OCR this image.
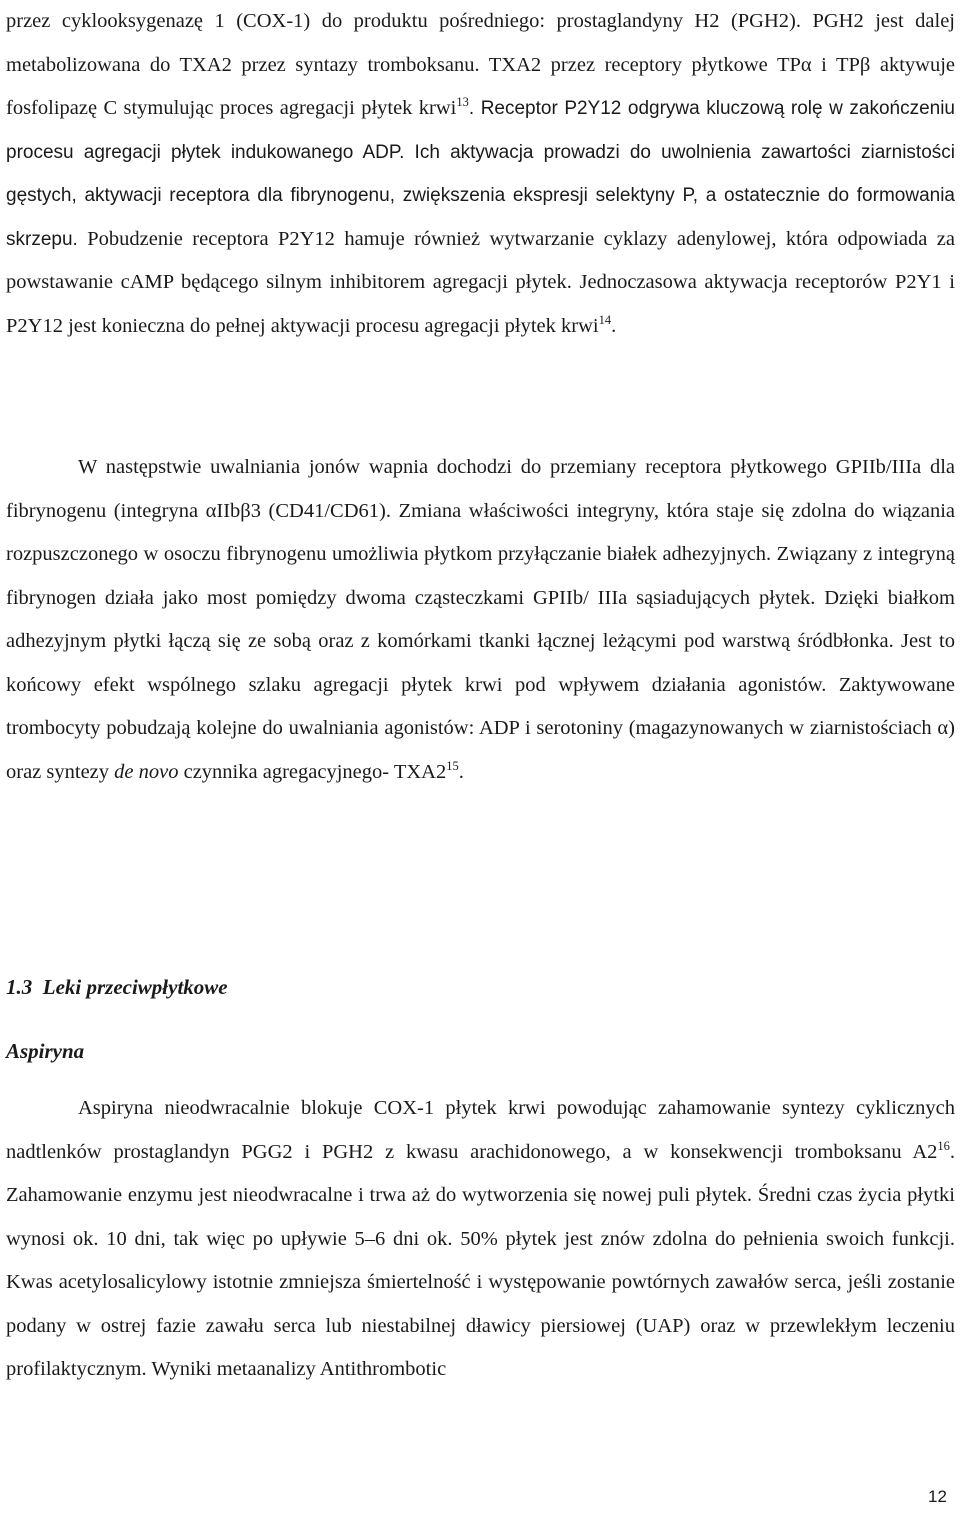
przez cyklooksygenazę 1 (COX-1) do produktu pośredniego: prostaglandyny H2 (PGH2). PGH2 jest dalej metabolizowana do TXA2 przez syntazy tromboksanu. TXA2 przez receptory płytkowe TPα i TPβ aktywuje fosfolipazę C stymulując proces agregacji płytek krwi$^{13}$. Receptor P2Y12 odgrywa kluczową rolę w zakończeniu procesu agregacji płytek indukowanego ADP. Ich aktywacja prowadzi do uwolnienia zawartości ziarnistości gęstych, aktywacji receptora dla fibrynogenu, zwiększenia ekspresji selektyny P, a ostatecznie do formowania skrzepu. Pobudzenie receptora P2Y12 hamuje również wytwarzanie cyklazy adenylowej, która odpowiada za powstawanie cAMP będącego silnym inhibitorem agregacji płytek. Jednoczasowa aktywacja receptorów P2Y1 i P2Y12 jest konieczna do pełnej aktywacji procesu agregacji płytek krwi$^{14}$.

W następstwie uwalniania jonów wapnia dochodzi do przemiany receptora płytkowego GPIIb/IIIa dla fibrynogenu (integryna αIIbβ3 (CD41/CD61). Zmiana właściwości integryny, która staje się zdolna do wiązania rozpuszczonego w osoczu fibrynogenu umożliwia płytkom przyłączanie białek adhezyjnych. Związany z integryną fibrynogen działa jako most pomiędzy dwoma cząsteczkami GPIIb/ IIIa sąsiadujących płytek. Dzięki białkom adhezyjnym płytki łączą się ze sobą oraz z komórkami tkanki łącznej leżącymi pod warstwą śródbłonka. Jest to końcowy efekt wspólnego szlaku agregacji płytek krwi pod wpływem działania agonistów. Zaktywowane trombocyty pobudzają kolejne do uwalniania agonistów: ADP i serotoniny (magazynowanych w ziarnistościach α) oraz syntezy de novo czynnika agregacyjnego- $TXA2^{15}$.

1.3 Leki przeciwpłytkowe
Aspiryna

Aspiryna nieodwracalnie blokuje COX-1 płytek krwi powodując zahamowanie syntezy cyklicznych nadtlenków prostaglandyn PGG2 i PGH2 z kwasu arachidonowego, a w konsekwencji tromboksanu $A2^{16}$. Zahamowanie enzymu jest nieodwracalne i trwa aż do wytworzenia się nowej puli płytek. Średni czas życia płytki wynosi ok. 10 dni, tak więc po upływie 5–6 dni ok. 50% płytek jest znów zdolna do pełnienia swoich funkcji. Kwas acetylosalicylowy istotnie zmniejsza śmiertelność i występowanie powtórnych zawałów serca, jeśli zostanie podany w ostrej fazie zawału serca lub niestabilnej dławicy piersiowej (UAP) oraz w przewlekłym leczeniu profilaktycznym. Wyniki metaanalizy Antithrombotic

12
